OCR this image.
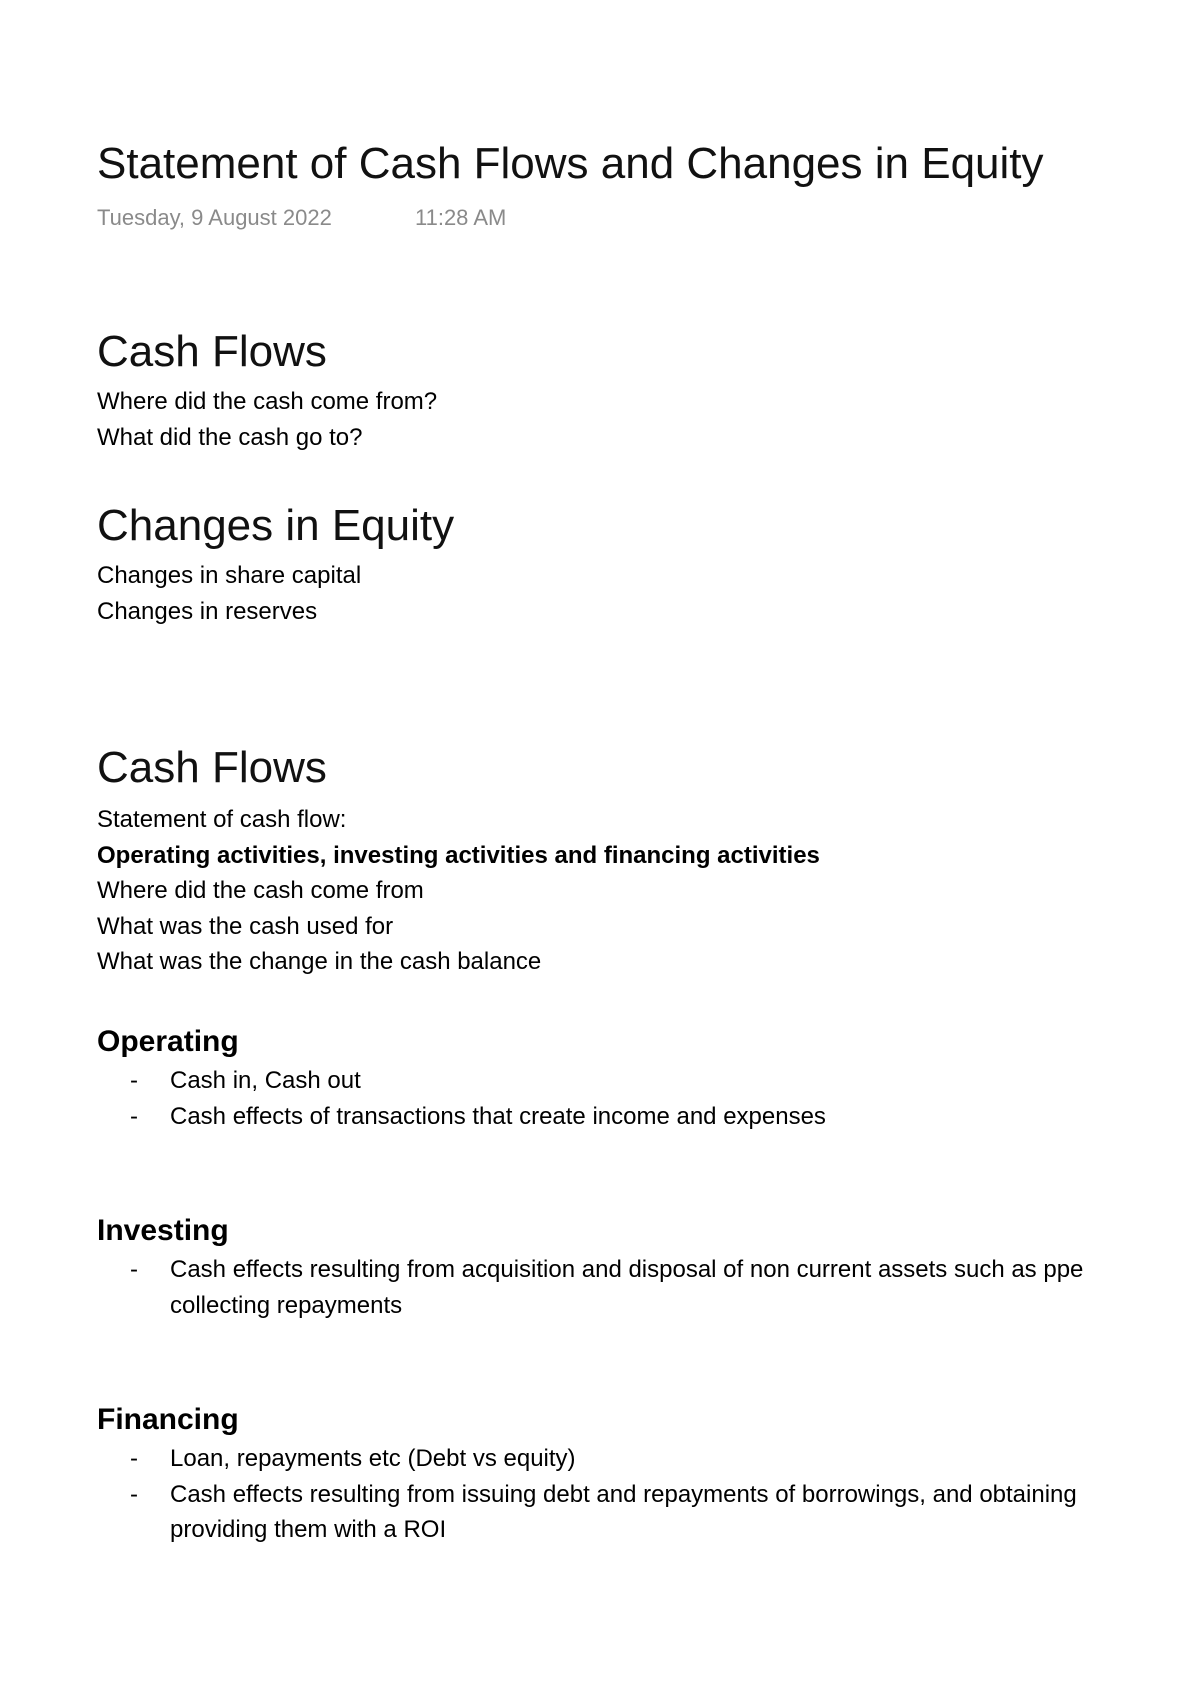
Statement of Cash Flows and Changes in Equity
Tuesday, 9 August 2022	11:28 AM
Cash Flows
Where did the cash come from?
What did the cash go to?
Changes in Equity
Changes in share capital
Changes in reserves
Cash Flows
Statement of cash flow:
Operating activities, investing activities and financing activities
Where did the cash come from
What was the cash used for
What was the change in the cash balance
Operating
- Cash in, Cash out
- Cash effects of transactions that create income and expenses
Investing
- Cash effects resulting from acquisition and disposal of non current assets such as ppe
collecting repayments
Financing
- Loan, repayments etc (Debt vs equity)
- Cash effects resulting from issuing debt and repayments of borrowings, and obtaining
providing them with a ROI
